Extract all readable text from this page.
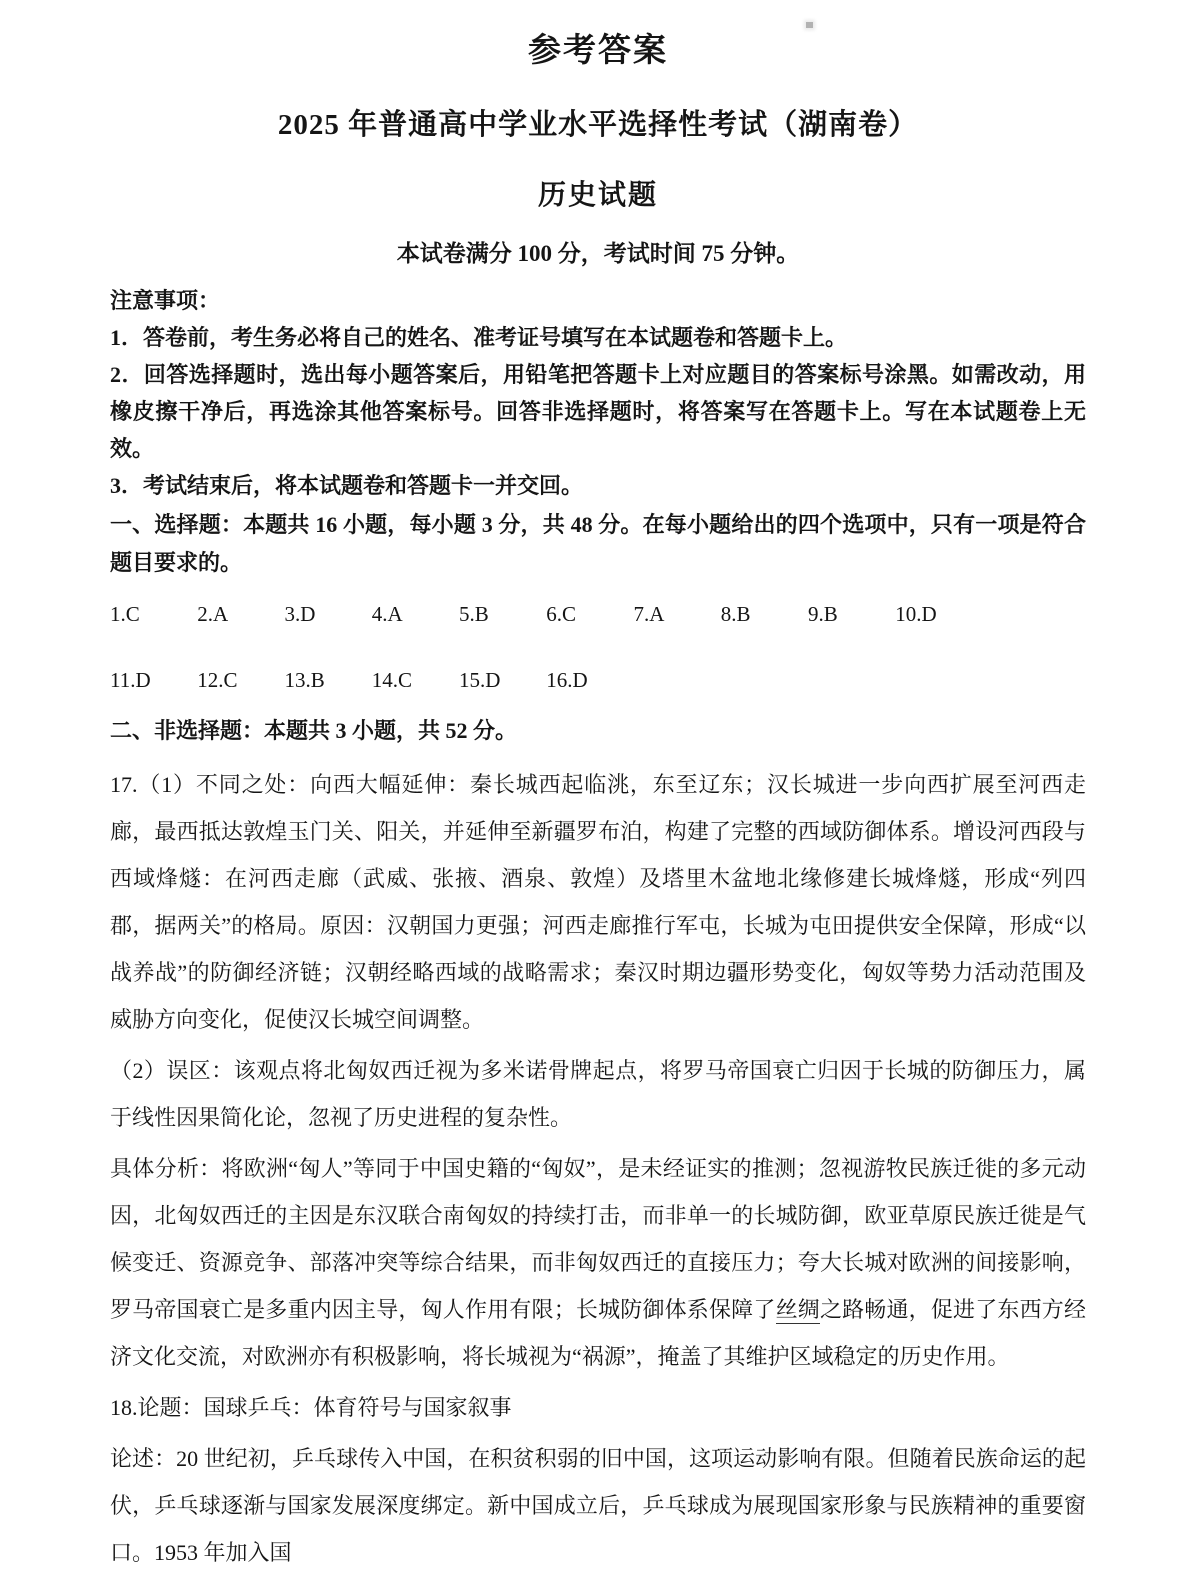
参考答案
2025 年普通高中学业水平选择性考试（湖南卷）
历史试题

本试卷满分 100 分，考试时间 75 分钟。

注意事项：

1．答卷前，考生务必将自己的姓名、准考证号填写在本试题卷和答题卡上。

2．回答选择题时，选出每小题答案后，用铅笔把答题卡上对应题目的答案标号涂黑。如需改动，用橡皮擦干净后，再选涂其他答案标号。回答非选择题时，将答案写在答题卡上。写在本试题卷上无效。

3．考试结束后，将本试题卷和答题卡一并交回。

一、选择题：本题共 16 小题，每小题 3 分，共 48 分。在每小题给出的四个选项中，只有一项是符合题目要求的。

1.C	2.A	3.D	4.A	5.B	6.C	7.A	8.B	9.B	10.D

11.D 12.C 13.B 14.C 15.D 16.D

二、非选择题：本题共 3 小题，共 52 分。

17.（1）不同之处：向西大幅延伸：秦长城西起临洮，东至辽东；汉长城进一步向西扩展至河西走廊，最西抵达敦煌玉门关、阳关，并延伸至新疆罗布泊，构建了完整的西域防御体系。增设河西段与西域烽燧：在河西走廊（武威、张掖、酒泉、敦煌）及塔里木盆地北缘修建长城烽燧，形成“列四郡，据两关”的格局。原因：汉朝国力更强；河西走廊推行军屯，长城为屯田提供安全保障，形成“以战养战”的防御经济链；汉朝经略西域的战略需求；秦汉时期边疆形势变化，匈奴等势力活动范围及威胁方向变化，促使汉长城空间调整。

（2）误区：该观点将北匈奴西迁视为多米诺骨牌起点，将罗马帝国衰亡归因于长城的防御压力，属于线性因果简化论，忽视了历史进程的复杂性。

具体分析：将欧洲“匈人”等同于中国史籍的“匈奴”，是未经证实的推测；忽视游牧民族迁徙的多元动因，北匈奴西迁的主因是东汉联合南匈奴的持续打击，而非单一的长城防御，欧亚草原民族迁徙是气候变迁、资源竞争、部落冲突等综合结果，而非匈奴西迁的直接压力；夸大长城对欧洲的间接影响，罗马帝国衰亡是多重内因主导，匈人作用有限；长城防御体系保障了丝绸之路畅通，促进了东西方经济文化交流，对欧洲亦有积极影响，将长城视为“祸源”，掩盖了其维护区域稳定的历史作用。

18.论题：国球乒乓：体育符号与国家叙事

论述：20 世纪初，乒乓球传入中国，在积贫积弱的旧中国，这项运动影响有限。但随着民族命运的起伏，乒乓球逐渐与国家发展深度绑定。新中国成立后，乒乓球成为展现国家形象与民族精神的重要窗口。1953 年加入国
